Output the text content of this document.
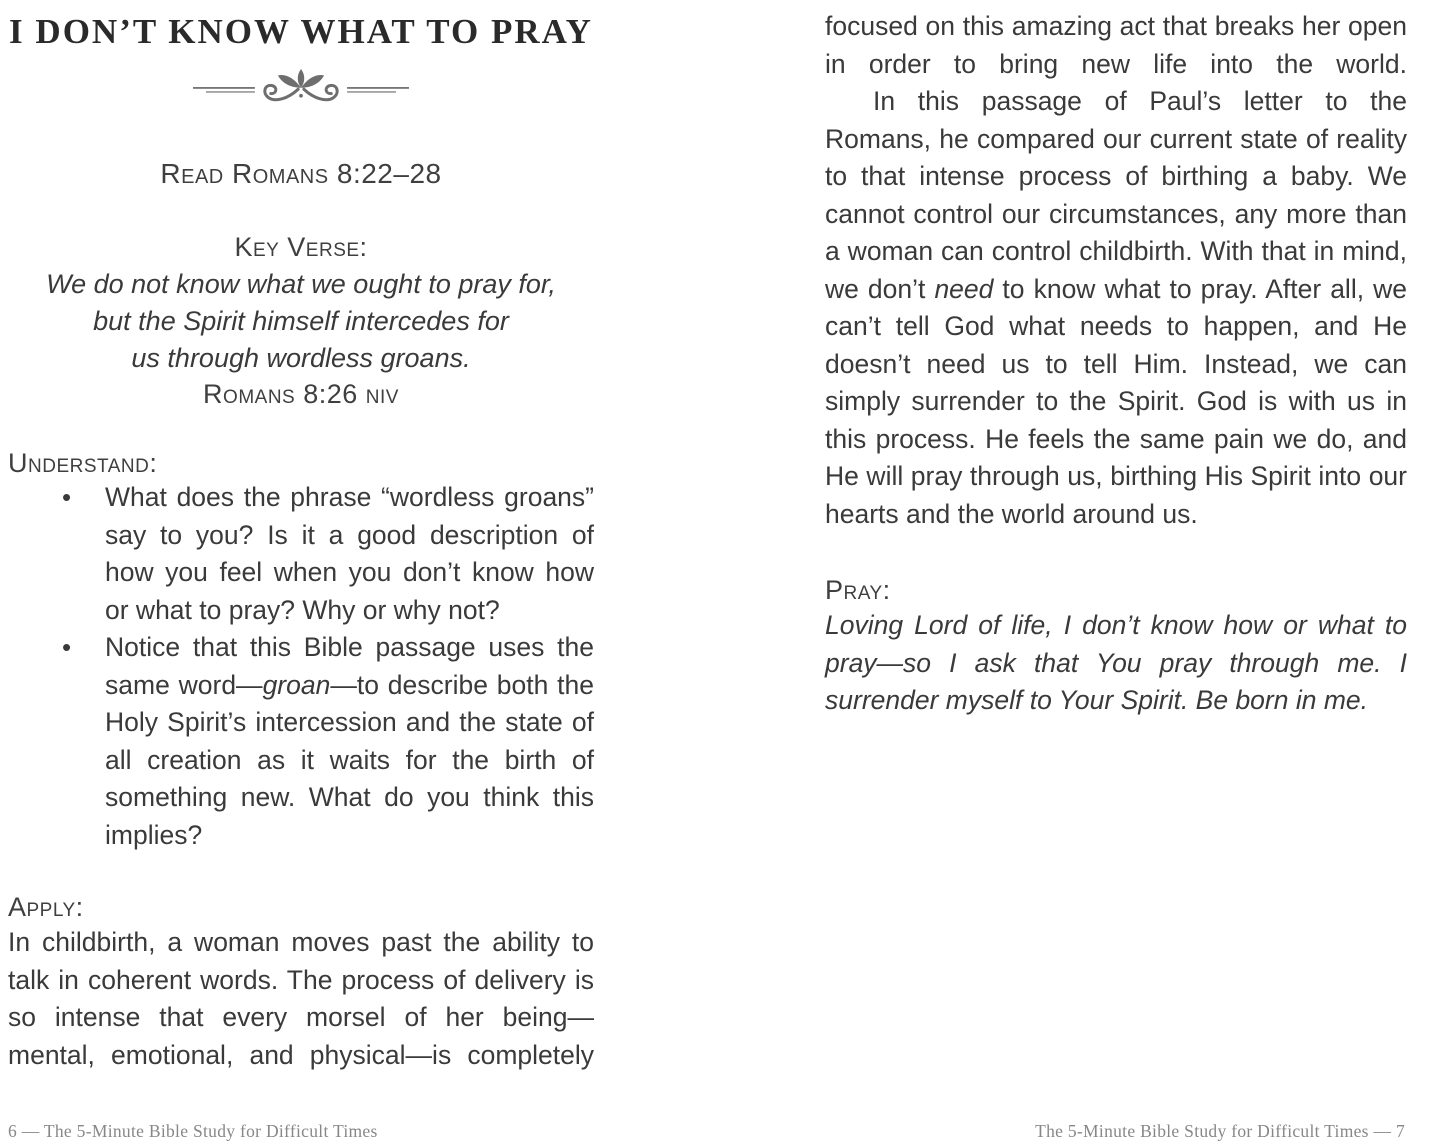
I DON’T KNOW WHAT TO PRAY

Read Romans 8:22–28

Key Verse:

We do not know what we ought to pray for,
but the Spirit himself intercedes for
us through wordless groans.

Romans 8:26 niv

Understand:

• What does the phrase “wordless groans” say to you? Is it a good description of how you feel when you don’t know how or what to pray? Why or why not?
• Notice that this Bible passage uses the same word—groan—to describe both the Holy Spirit’s intercession and the state of all creation as it waits for the birth of something new. What do you think this implies?

Apply:

In childbirth, a woman moves past the ability to talk in coherent words. The process of delivery is so intense that every morsel of her being—mental, emotional, and physical—is completely

6 — The 5-Minute Bible Study for Difficult Times

focused on this amazing act that breaks her open in order to bring new life into the world.

In this passage of Paul’s letter to the Romans, he compared our current state of reality to that intense process of birthing a baby. We cannot control our circumstances, any more than a woman can control childbirth. With that in mind, we don’t need to know what to pray. After all, we can’t tell God what needs to happen, and He doesn’t need us to tell Him. Instead, we can simply surrender to the Spirit. God is with us in this process. He feels the same pain we do, and He will pray through us, birthing His Spirit into our hearts and the world around us.

Pray:

Loving Lord of life, I don’t know how or what to pray—so I ask that You pray through me. I surrender myself to Your Spirit. Be born in me.

The 5-Minute Bible Study for Difficult Times — 7
